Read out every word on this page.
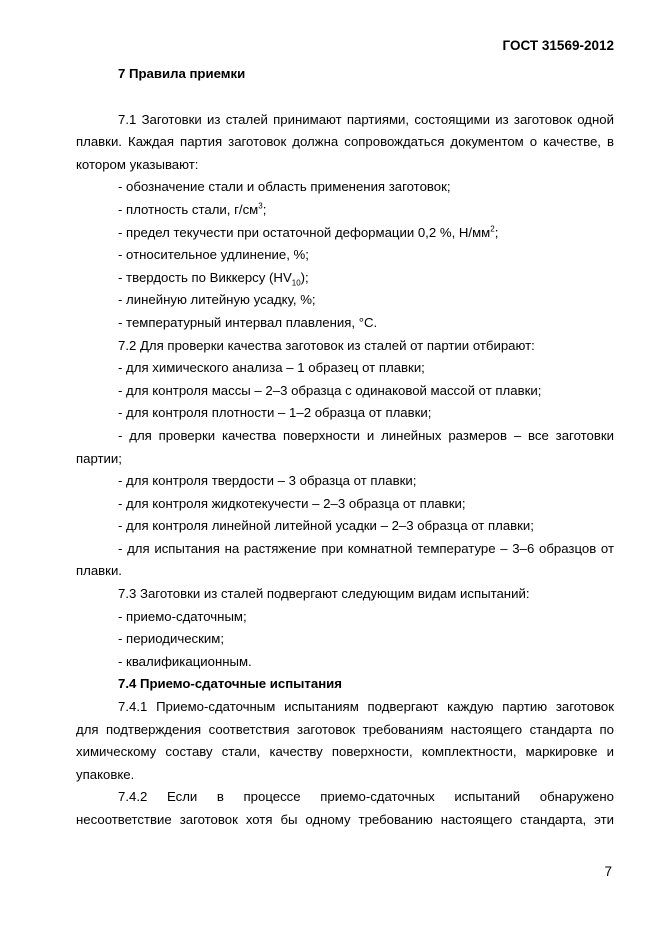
ГОСТ 31569-2012

7 Правила приемки

7.1 Заготовки из сталей принимают партиями, состоящими из заготовок одной

плавки. Каждая партия заготовок должна сопровождаться документом о качестве, в

котором указывают:

- обозначение стали и область применения заготовок;

- плотность стали, $г/см^3$;

- предел текучести при остаточной деформации 0,2 %, $Н/мм^2$;

- относительное удлинение, %;

- твердость по Виккерсу $(HV_{10})$;

- линейную литейную усадку, %;

- температурный интервал плавления, °С.

7.2 Для проверки качества заготовок из сталей от партии отбирают:

- для химического анализа – 1 образец от плавки;

- для контроля массы – 2–3 образца с одинаковой массой от плавки;

- для контроля плотности – 1–2 образца от плавки;

- для проверки качества поверхности и линейных размеров – все заготовки

партии;

- для контроля твердости – 3 образца от плавки;

- для контроля жидкотекучести – 2–3 образца от плавки;

- для контроля линейной литейной усадки – 2–3 образца от плавки;

- для испытания на растяжение при комнатной температуре – 3–6 образцов от

плавки.

7.3 Заготовки из сталей подвергают следующим видам испытаний:

- приемо-сдаточным;

- периодическим;

- квалификационным.

7.4 Приемо-сдаточные испытания

7.4.1 Приемо-сдаточным испытаниям подвергают каждую партию заготовок

для подтверждения соответствия заготовок требованиям настоящего стандарта по

химическому составу стали, качеству поверхности, комплектности, маркировке и

упаковке.

7.4.2 Если в процессе приемо-сдаточных испытаний обнаружено

несоответствие заготовок хотя бы одному требованию настоящего стандарта, эти

7
